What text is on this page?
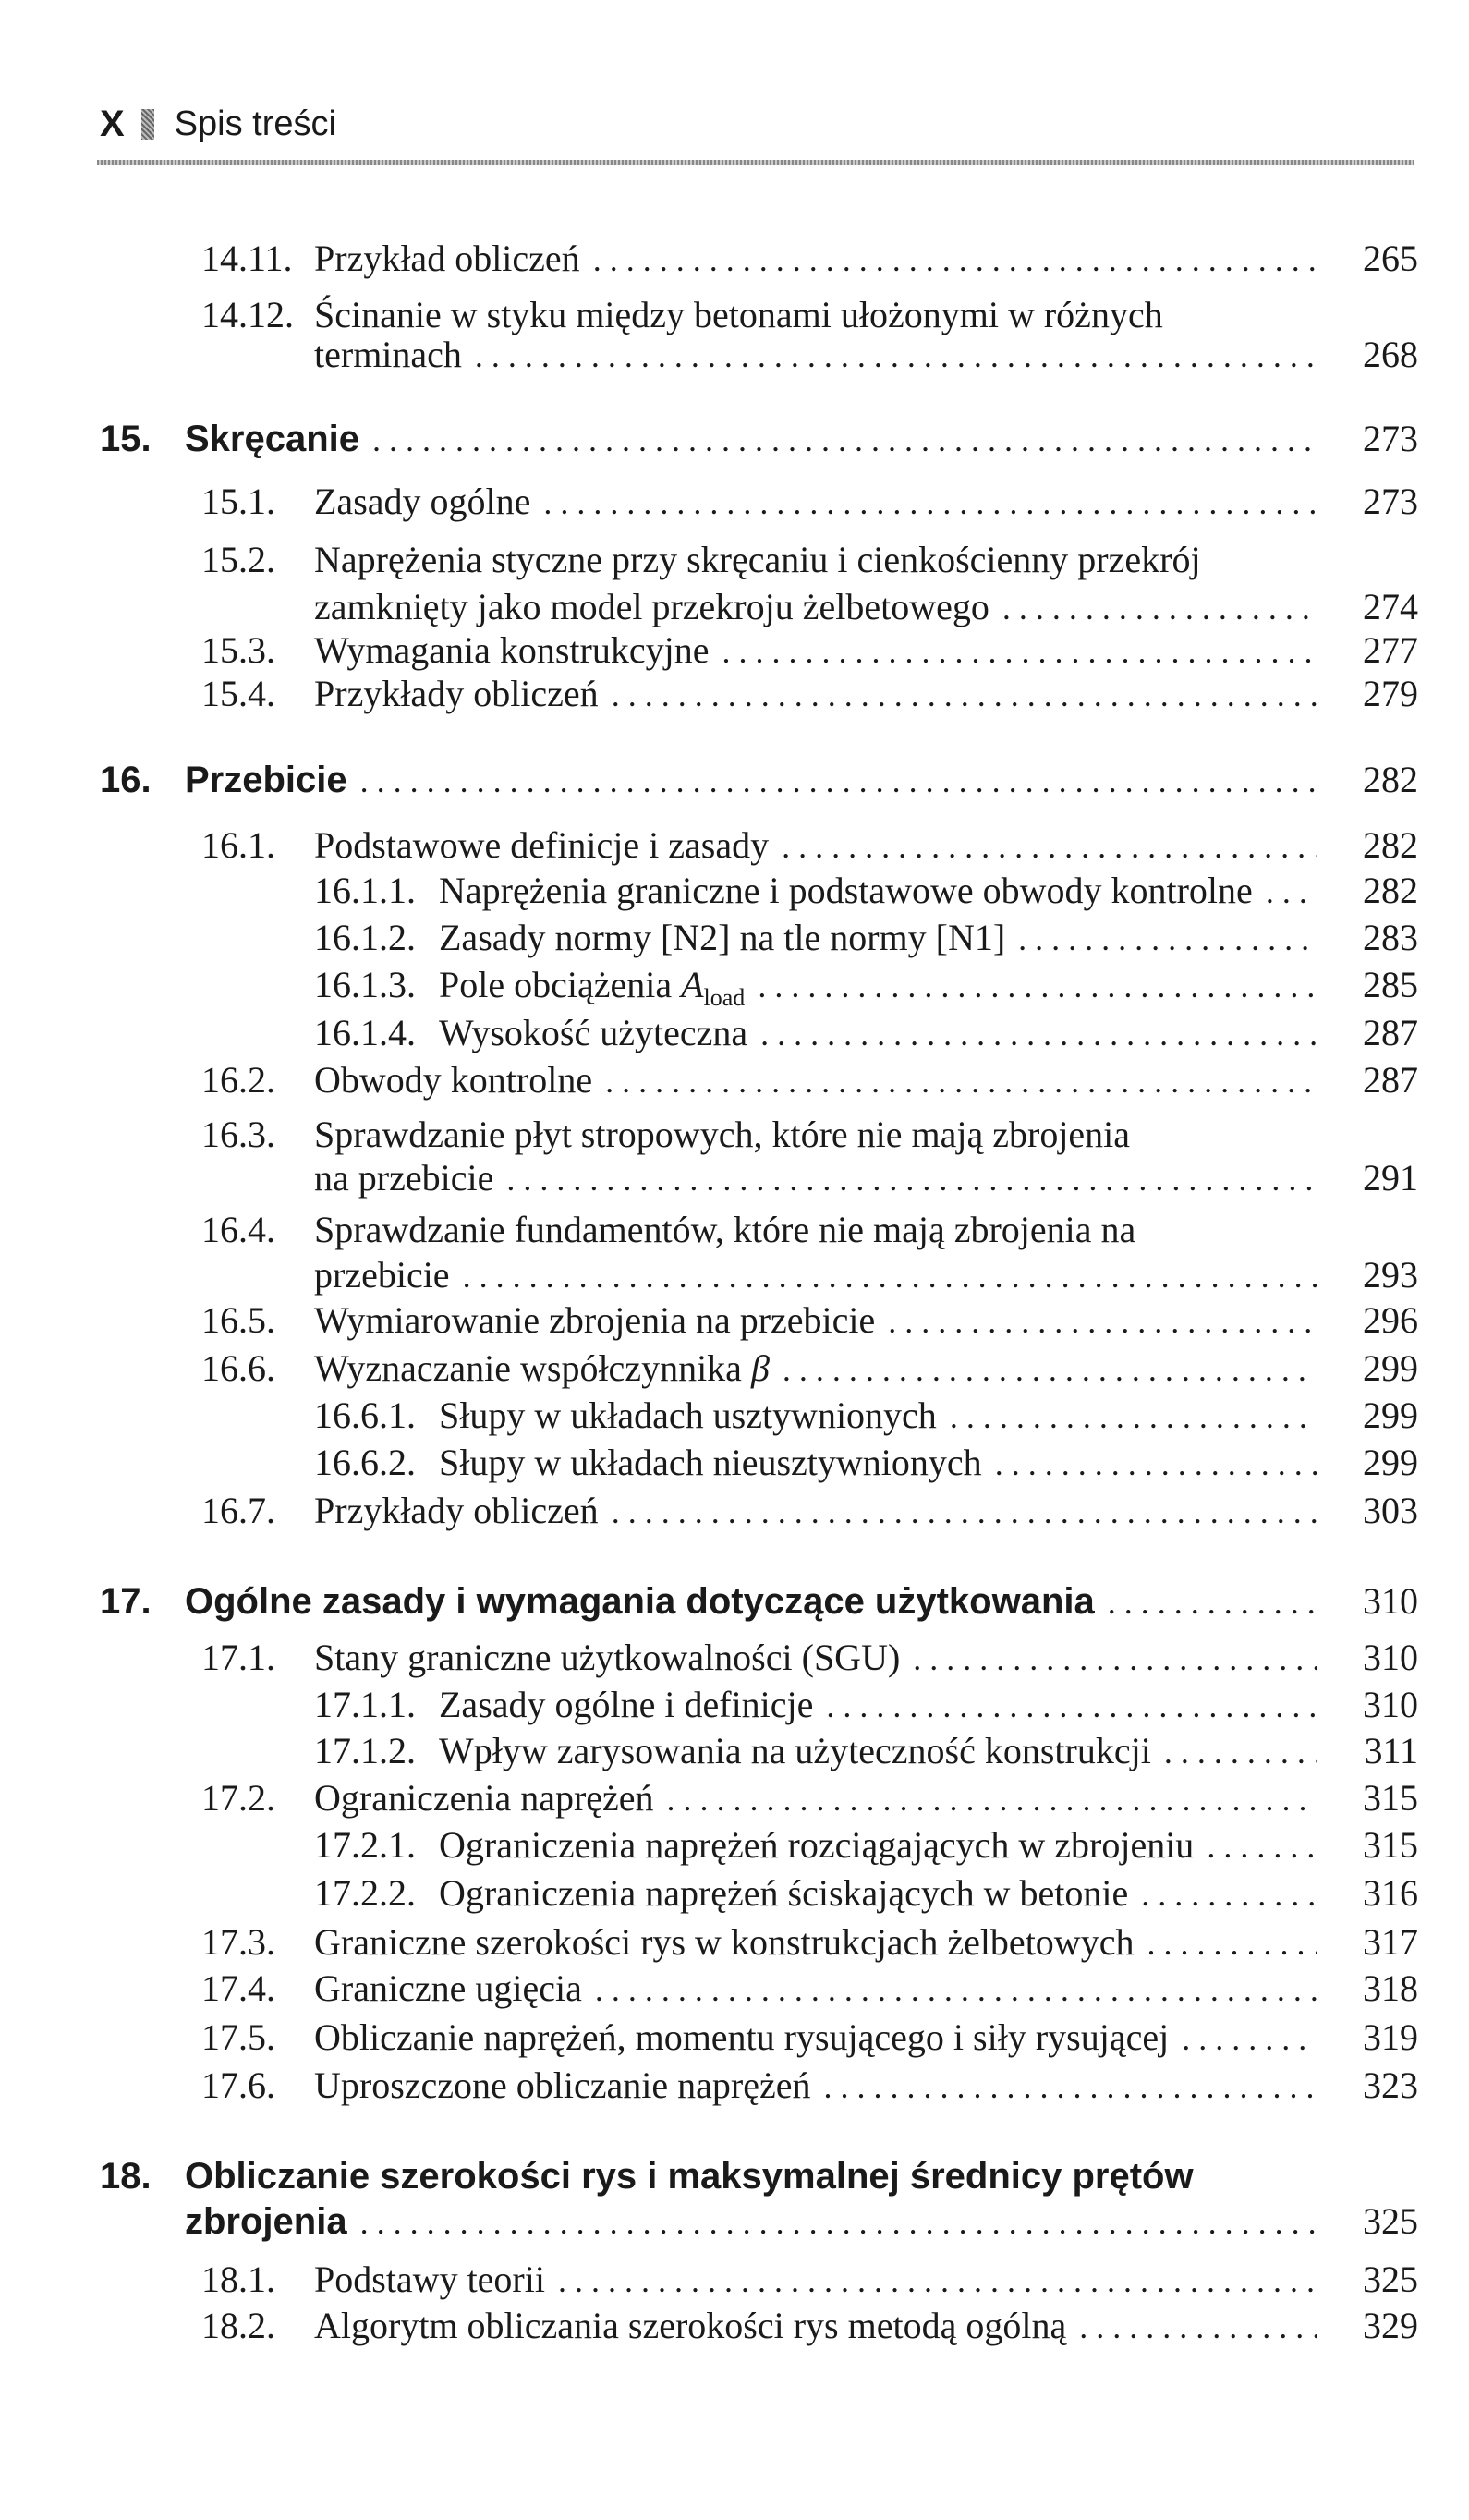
X Spis treści
14.11. Przykład obliczeń . . .	265
14.12. Ścinanie w styku między betonami ułożonymi w różnych
terminach . . .	268
15. Skręcanie . . .	273
15.1.	Zasady ogólne . . .	273
15.2.	Naprężenia styczne przy skręcaniu i cienkościenny przekrój
zamknięty jako model przekroju żelbetowego . . .	274
15.3.	Wymagania konstrukcyjne . . .	277
15.4.	Przykłady obliczeń . . .	279
16. Przebicie . . .	282
16.1.	Podstawowe definicje i zasady . . .	282
16.1.1. Naprężenia graniczne i podstawowe obwody kontrolne . . .	282
16.1.2. Zasady normy [N2] na tle normy [N1] . . .	283
16.1.3. Pole obciążenia $A_{load}$ . . .	285
16.1.4. Wysokość użyteczna . . .	287
16.2.	Obwody kontrolne . . .	287
16.3.	Sprawdzanie płyt stropowych, które nie mają zbrojenia
na przebicie . . .	291
16.4.	Sprawdzanie fundamentów, które nie mają zbrojenia na
przebicie . . .	293
16.5.	Wymiarowanie zbrojenia na przebicie . . .	296
16.6.	Wyznaczanie współczynnika β . . .	299
16.6.1. Słupy w układach usztywnionych . . .	299
16.6.2. Słupy w układach nieusztywnionych . . .	299
16.7.	Przykłady obliczeń . . .	303
17. Ogólne zasady i wymagania dotyczące użytkowania . . .	310
17.1.	Stany graniczne użytkowalności (SGU) . . .	310
17.1.1. Zasady ogólne i definicje . . .	310
17.1.2. Wpływ zarysowania na użyteczność konstrukcji . . .	311
17.2.	Ograniczenia naprężeń . . .	315
17.2.1. Ograniczenia naprężeń rozciągających w zbrojeniu . . .	315
17.2.2. Ograniczenia naprężeń ściskających w betonie . . .	316
17.3.	Graniczne szerokości rys w konstrukcjach żelbetowych . . .	317
17.4.	Graniczne ugięcia . . .	318
17.5.	Obliczanie naprężeń, momentu rysującego i siły rysującej . . .	319
17.6.	Uproszczone obliczanie naprężeń . . .	323
18. Obliczanie szerokości rys i maksymalnej średnicy prętów
zbrojenia . . .	325
18.1.	Podstawy teorii . . .	325
18.2.	Algorytm obliczania szerokości rys metodą ogólną . . .	329
